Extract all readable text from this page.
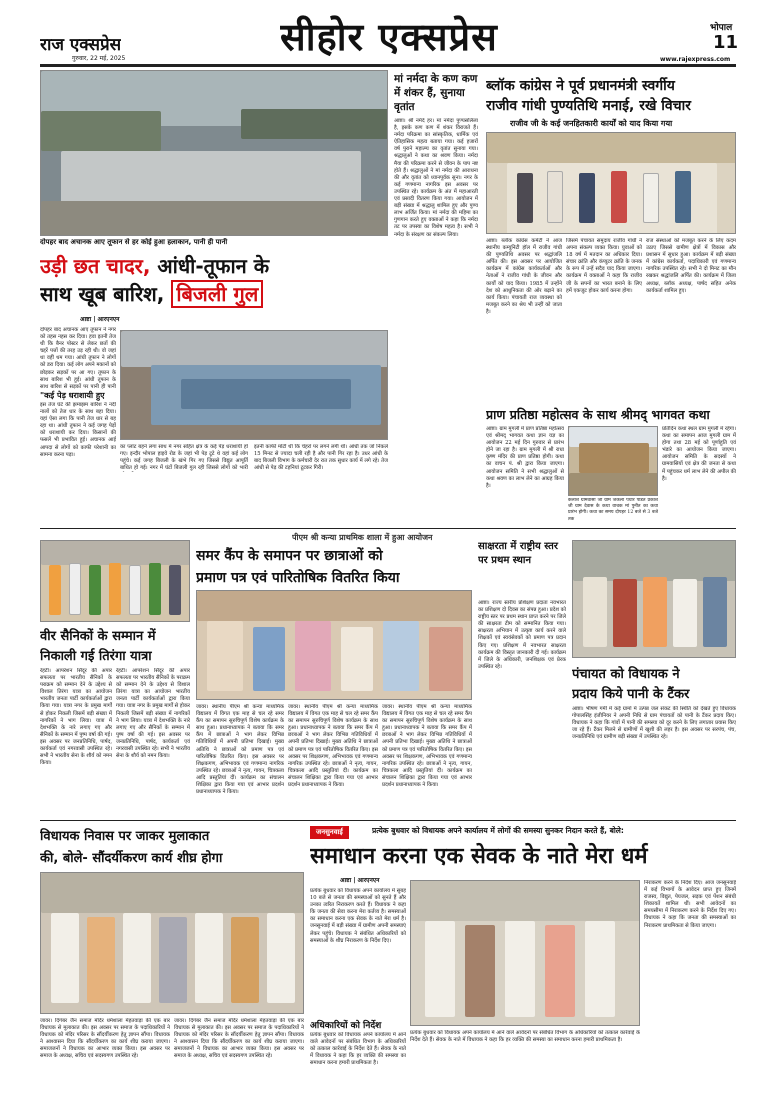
राज एक्सप्रेस
गुरुवार, 22 मई, 2025	सीहोर एक्सप्रेस	भोपाल
11
www.rajexpress.com
दोपहर बाद अचानक आए तूफान से हर कोई हुआ हलाकान, पानी ही पानी
उड़ी छत चादर, आंधी-तूफान के
साथ खूब बारिश, बिजली गुल
आष्टा | आरएनएन
दोपहर बाद अचानक आए तूफान ने नगर को तहस नहस कर दिया। हवा इतनी तेज थी कि बैनर पोस्टर से लेकर छतों की चद्दरें पत्तों की तरह उड़ रही थी। वो जहां था वहीं थम गया। आंधी तूफान ने लोगों को डरा दिया। कई लोग अपने मकानों को छोड़कर सड़कों पर आ गए। तूफान के साथ बारिश भी हुई। आंधी तूफान के साथ बारिश से सड़कों पर पानी ही पानी
"कई पेड़ धराशायी हुए
इस तेज घंटे की झमाझम बारिश ने नदी नालों को तेज धार के साथ बहा दिया। यहां ऐसा लगा कि पानी तेज धार से बह रहा था। आंधी तूफान ने कई जगह पेड़ों को धराशायी कर दिया। किसानों की फसलें भी प्रभावित हुई। अचानक आई आपदा से लोगों को काफी परेशानी का सामना करना पड़ा।
का प्लांट बहने लगा साथ में नगर सहित क्षेत्र के कई पेड़ धराशायी हो गए। इन्दौर भोपाल हाइवे रोड के जहां भी पेड़ टूटे थे वहां कई लोग पहुंचे। कई जगह बिजली के खंभे गिर गए जिससे विद्युत आपूर्ति बाधित हो गई। नगर में घंटों बिजली गुल रही जिससे लोगों को भारी
इतनी काफी मोटी थी कि चेहरों पर लगने लगी थी। आंधी तक जो निकले 15 मिनट से ज्यादा चली रही है और पानी गिर रहा है। उधर आंधी के बाद बिजली विभाग के कर्मचारी देर रात तक सुधार कार्य में लगे रहे। तेज आंधी से पेड़ की टहनियां टूटकर गिरी।
मां नर्मदा के कण कण में शंकर हैं, सुनाया वृतांत
आष्टा। श्री नर्मदे हर। मां नर्मदा पुण्यसलिला है, इसके कण कण में शंकर विराजते हैं। नर्मदा परिक्रमा का सांस्कृतिक, धार्मिक एवं ऐतिहासिक महत्व बताया गया। कई हजारों वर्ष पुराने महात्म्य का वृतांत सुनाया गया। श्रद्धालुओं ने कथा का श्रवण किया। नर्मदा मैया की परिक्रमा करने से जीवन के पाप नष्ट होते हैं। श्रद्धालुओं ने मां नर्मदा की आराधना की और वृतांत को ध्यानपूर्वक सुना। नगर के कई गणमान्य नागरिक इस अवसर पर उपस्थित रहे। कार्यक्रम के अंत में महाआरती एवं प्रसादी वितरण किया गया। आयोजन में बड़ी संख्या में श्रद्धालु शामिल हुए और पुण्य लाभ अर्जित किया। मां नर्मदा की महिमा का गुणगान करते हुए वक्ताओं ने कहा कि नर्मदा तट पर तपस्या का विशेष महत्व है। सभी ने नर्मदा के संरक्षण का संकल्प लिया।
ब्लॉक कांग्रेस ने पूर्व प्रधानमंत्री स्वर्गीय
राजीव गांधी पुण्यतिथि मनाई, रखे विचार
राजीव जी के कई जनहितकारी कार्यों को याद किया गया
आष्टा। ब्लॉक कांग्रेस कमेटी ने आज स्थानीय कम्युनिटी हॉल में राजीव गांधी की पुण्यतिथि अवसर पर श्रद्धांजलि अर्पित की। इस अवसर पर आयोजित कार्यक्रम में कांग्रेस कार्यकर्ताओं और नेताओं ने राजीव गांधी के जीवन और कार्यों को याद किया। 1985 में उन्होंने देश को आधुनिकता की ओर बढ़ाने का कार्य किया। पंचायती राज व्यवस्था को मजबूत करने का श्रेय भी उन्हीं को जाता है।
जिसमें पंचायत समुदाय राजीव गांधी ने अपना संकल्प व्यक्त किया। युवाओं को 18 वर्ष में मतदान का अधिकार दिया। संचार क्रांति और कंप्यूटर क्रांति के जनक के रूप में उन्हें सदैव याद किया जाएगा। कार्यक्रम में वक्ताओं ने कहा कि राजीव जी के सपनों का भारत बनाने के लिए हमें एकजुट होकर कार्य करना होगा।
राज संस्थाओं को मजबूत करने के लिए कदम उठाए जिससे ग्रामीण क्षेत्रों में विकास और प्रशासन में सुधार हुआ। कार्यक्रम में बड़ी संख्या में कांग्रेस कार्यकर्ता, पदाधिकारी एवं गणमान्य नागरिक उपस्थित रहे। सभी ने दो मिनट का मौन रखकर श्रद्धांजलि अर्पित की। कार्यक्रम में जिला अध्यक्ष, ब्लॉक अध्यक्ष, पार्षद सहित अनेक कार्यकर्ता शामिल हुए।
प्राण प्रतिष्ठा महोत्सव के साथ श्रीमद् भागवत कथा
आष्टा। ग्राम मुगली में प्राण प्रतिष्ठा महोत्सव एवं श्रीमद् भागवत कथा ज्ञान यज्ञ का आयोजन 22 मई दिन गुरुवार से प्रारंभ होने जा रहा है। ग्राम मुगली में श्री राधा कृष्ण मंदिर की प्राण प्रतिष्ठा होगी। कथा का वाचन पं. श्री द्वारा किया जाएगा। आयोजन समिति ने सभी श्रद्धालुओं से कथा श्रवण का लाभ लेने का आग्रह किया है।
कैलाश ग्रामवासी जी ग्राम जंकला पधार पंडित प्रकाश जी ग्राम देवास के कथा वाचक मां पुनीत का कथा प्रारंभ होगी। कथा का समय दोपहर 12 बजे से 3 बजे तक
प्रतिदिन कथा स्थल ग्राम मुगली में रहेगा। कथा का समापन आज मुगली ग्राम में होगा तथा 28 मई को पूर्णाहुति एवं भंडारे का आयोजन किया जाएगा। आयोजन समिति के सदस्यों ने ग्रामवासियों एवं क्षेत्र की जनता से कथा में पहुंचकर धर्म लाभ लेने की अपील की है।
पीएम श्री कन्या प्राथमिक शाला में हुआ आयोजन
वीर सैनिकों के सम्मान में
निकाली गई तिरंगा यात्रा
रेहटी। आपरेशन सिंदूर की अपार सफलता पर भारतीय सैनिकों के पराक्रम को सम्मान देने के उद्देश्य से विशाल तिरंगा यात्रा का आयोजन भारतीय जनता पार्टी कार्यकर्ताओं द्वारा किया गया। यात्रा नगर के प्रमुख मार्गों से होकर निकली जिसमें बड़ी संख्या में नागरिकों ने भाग लिया। यात्रा में देशभक्ति के नारे लगाए गए और सैनिकों के सम्मान में पुष्प वर्षा की गई। इस अवसर पर जनप्रतिनिधि, पार्षद, कार्यकर्ता एवं नगरवासी उपस्थित रहे। सभी ने भारतीय सेना के शौर्य को नमन किया।
रेहटी। आपरेशन सिंदूर की अपार सफलता पर भारतीय सैनिकों के पराक्रम को सम्मान देने के उद्देश्य से विशाल तिरंगा यात्रा का आयोजन भारतीय जनता पार्टी कार्यकर्ताओं द्वारा किया गया। यात्रा नगर के प्रमुख मार्गों से होकर निकली जिसमें बड़ी संख्या में नागरिकों ने भाग लिया। यात्रा में देशभक्ति के नारे लगाए गए और सैनिकों के सम्मान में पुष्प वर्षा की गई। इस अवसर पर जनप्रतिनिधि, पार्षद, कार्यकर्ता एवं नगरवासी उपस्थित रहे। सभी ने भारतीय सेना के शौर्य को नमन किया।
समर कैंप के समापन पर छात्राओं को
प्रमाण पत्र एवं पारितोषिक वितरित किया
जावर। स्थानीय पीएम श्री कन्या माध्यमिक विद्यालय में विगत एक माह से चल रहे समर कैंप का समापन सुरुचिपूर्ण विशेष कार्यक्रम के साथ हुआ। प्रधानाध्यापक ने बताया कि समर कैंप में छात्राओं ने भाग लेकर विभिन्न गतिविधियों में अपनी प्रतिभा दिखाई। मुख्य अतिथि ने छात्राओं को प्रमाण पत्र एवं पारितोषिक वितरित किए। इस अवसर पर शिक्षकगण, अभिभावक एवं गणमान्य नागरिक उपस्थित रहे। छात्राओं ने नृत्य, गायन, चित्रकला आदि प्रस्तुतियां दीं। कार्यक्रम का संचालन शिक्षिका द्वारा किया गया एवं आभार प्रदर्शन प्रधानाध्यापक ने किया।
जावर। स्थानीय पीएम श्री कन्या माध्यमिक विद्यालय में विगत एक माह से चल रहे समर कैंप का समापन सुरुचिपूर्ण विशेष कार्यक्रम के साथ हुआ। प्रधानाध्यापक ने बताया कि समर कैंप में छात्राओं ने भाग लेकर विभिन्न गतिविधियों में अपनी प्रतिभा दिखाई। मुख्य अतिथि ने छात्राओं को प्रमाण पत्र एवं पारितोषिक वितरित किए। इस अवसर पर शिक्षकगण, अभिभावक एवं गणमान्य नागरिक उपस्थित रहे। छात्राओं ने नृत्य, गायन, चित्रकला आदि प्रस्तुतियां दीं। कार्यक्रम का संचालन शिक्षिका द्वारा किया गया एवं आभार प्रदर्शन प्रधानाध्यापक ने किया।
जावर। स्थानीय पीएम श्री कन्या माध्यमिक विद्यालय में विगत एक माह से चल रहे समर कैंप का समापन सुरुचिपूर्ण विशेष कार्यक्रम के साथ हुआ। प्रधानाध्यापक ने बताया कि समर कैंप में छात्राओं ने भाग लेकर विभिन्न गतिविधियों में अपनी प्रतिभा दिखाई। मुख्य अतिथि ने छात्राओं को प्रमाण पत्र एवं पारितोषिक वितरित किए। इस अवसर पर शिक्षकगण, अभिभावक एवं गणमान्य नागरिक उपस्थित रहे। छात्राओं ने नृत्य, गायन, चित्रकला आदि प्रस्तुतियां दीं। कार्यक्रम का संचालन शिक्षिका द्वारा किया गया एवं आभार प्रदर्शन प्रधानाध्यापक ने किया।
साक्षरता में राष्ट्रीय स्तर पर प्रथम स्थान
आष्टा। राज्य स्तरीय प्रशिक्षण प्रदाता नवभारत का प्रशिक्षण दो दिवस का संपन्न हुआ। प्रदेश को राष्ट्रीय स्तर पर प्रथम स्थान प्राप्त करने पर जिले की साक्षरता टीम को सम्मानित किया गया। साक्षरता अभियान में उत्कृष्ट कार्य करने वाले शिक्षकों एवं स्वयंसेवकों को प्रमाण पत्र प्रदान किए गए। प्रशिक्षण में नवभारत साक्षरता कार्यक्रम की विस्तृत जानकारी दी गई। कार्यक्रम में जिले के अधिकारी, जनशिक्षक एवं प्रेरक उपस्थित रहे।
पंचायत को विधायक ने
प्रदाय किये पानी के टैंकर
आष्टा। भीषण गर्मी में कई ग्रामों में उत्पन्न जल संकट की स्थिति को देखते हुए विधायक गोपालसिंह इंजीनियर ने अपनी निधि से ग्राम पंचायतों को पानी के टैंकर प्रदाय किए। विधायक ने कहा कि गांवों में पानी की समस्या को दूर करने के लिए लगातार प्रयास किए जा रहे हैं। टैंकर मिलने से ग्रामीणों में खुशी की लहर है। इस अवसर पर सरपंच, पंच, जनप्रतिनिधि एवं ग्रामीण बड़ी संख्या में उपस्थित रहे।
विधायक निवास पर जाकर मुलाकात
की, बोले- सौंदर्यीकरण कार्य शीघ्र होगा
जावर। दिगंबर जैन समाज मंदिर धर्मशाला मेहतवाड़ा की एक बार विधायक से मुलाकात की। इस अवसर पर समाज के पदाधिकारियों ने विधायक को मंदिर परिसर के सौंदर्यीकरण हेतु ज्ञापन सौंपा। विधायक ने आश्वासन दिया कि सौंदर्यीकरण का कार्य शीघ्र कराया जाएगा। समाजजनों ने विधायक का आभार व्यक्त किया। इस अवसर पर समाज के अध्यक्ष, सचिव एवं सदस्यगण उपस्थित रहे।
जावर। दिगंबर जैन समाज मंदिर धर्मशाला मेहतवाड़ा की एक बार विधायक से मुलाकात की। इस अवसर पर समाज के पदाधिकारियों ने विधायक को मंदिर परिसर के सौंदर्यीकरण हेतु ज्ञापन सौंपा। विधायक ने आश्वासन दिया कि सौंदर्यीकरण का कार्य शीघ्र कराया जाएगा। समाजजनों ने विधायक का आभार व्यक्त किया। इस अवसर पर समाज के अध्यक्ष, सचिव एवं सदस्यगण उपस्थित रहे।
जनसुनवाई	प्रत्येक बुधवार को विधायक अपने कार्यालय में लोगों की समस्या सुनकर निदान करते हैं, बोले:
समाधान करना एक सेवक के नाते मेरा धर्म
आष्टा | आरएनएन
प्रत्येक बुधवार को विधायक अपने कार्यालय में सुबह 10 बजे से जनता की समस्याओं को सुनते हैं और उनका त्वरित निराकरण करते हैं। विधायक ने कहा कि जनता की सेवा करना मेरा कर्तव्य है। समस्याओं का समाधान करना एक सेवक के नाते मेरा धर्म है। जनसुनवाई में बड़ी संख्या में ग्रामीण अपनी समस्याएं लेकर पहुंचे। विधायक ने संबंधित अधिकारियों को समस्याओं के शीघ्र निराकरण के निर्देश दिए।
अधिकारियों को निर्देश
प्रत्येक बुधवार को विधायक अपने कार्यालय में आने वाले आवेदनों पर संबंधित विभाग के अधिकारियों को तत्काल कार्रवाई के निर्देश देते हैं। सेवक के नाते में विधायक ने कहा कि हर व्यक्ति की समस्या का समाधान करना हमारी प्राथमिकता है।
प्रत्येक बुधवार को विधायक अपने कार्यालय में आने वाले आवेदनों पर संबंधित विभाग के अधिकारियों को तत्काल कार्रवाई के निर्देश देते हैं। सेवक के नाते में विधायक ने कहा कि हर व्यक्ति की समस्या का समाधान करना हमारी प्राथमिकता है।
निराकरण करने के निर्देश दिए। आज जनसुनवाई में कई विभागों के आवेदन प्राप्त हुए जिनमें राजस्व, विद्युत, पेयजल, सड़क एवं पेंशन संबंधी शिकायतें शामिल थीं। सभी आवेदनों का समयसीमा में निराकरण करने के निर्देश दिए गए। विधायक ने कहा कि जनता की समस्याओं का निराकरण प्राथमिकता से किया जाएगा।
